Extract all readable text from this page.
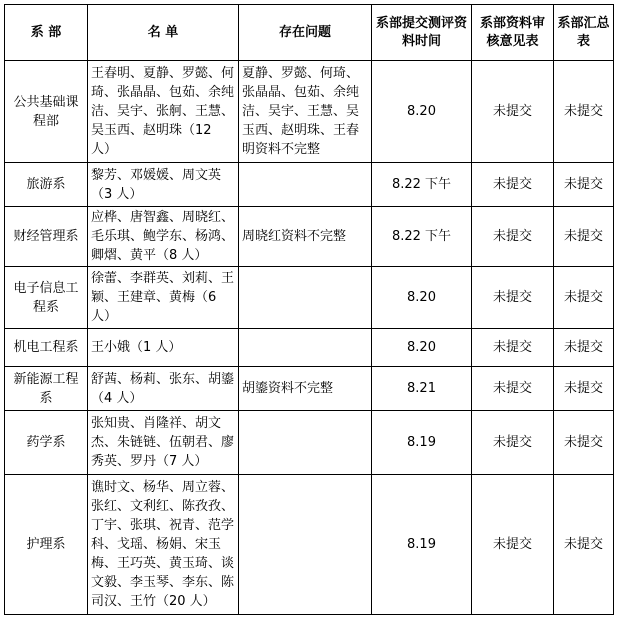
系 部	名 单	存在问题	系部提交测评资料时间	系部资料审核意见表	系部汇总表
公共基础课程部	王春明、夏静、罗懿、何琦、张晶晶、包茹、余纯洁、吴宇、张舸、王慧、吴玉西、赵明珠（12 人）	夏静、罗懿、何琦、张晶晶、包茹、余纯洁、吴宇、王慧、吴玉西、赵明珠、王春明资料不完整	8.20	未提交	未提交
旅游系	黎芳、邓媛媛、周文英（3 人）		8.22 下午	未提交	未提交
财经管理系	应桦、唐智鑫、周晓红、毛乐琪、鲍学东、杨鸿、卿熠、黄平（8 人）	周晓红资料不完整	8.22 下午	未提交	未提交
电子信息工程系	徐蕾、李群英、刘莉、王颖、王建章、黄梅（6 人）		8.20	未提交	未提交
机电工程系	王小娥（1 人）		8.20	未提交	未提交
新能源工程系	舒茜、杨莉、张东、胡鎏（4 人）	胡鎏资料不完整	8.21	未提交	未提交
药学系	张知贵、肖隆祥、胡文杰、朱链链、伍朝君、廖秀英、罗丹（7 人）		8.19	未提交	未提交
护理系	谯时文、杨华、周立蓉、张红、文利红、陈孜孜、丁宇、张琪、祝青、范学科、戈瑶、杨娟、宋玉梅、王巧英、黄玉琦、谈文毅、李玉琴、李东、陈司汉、王竹（20 人）		8.19	未提交	未提交
